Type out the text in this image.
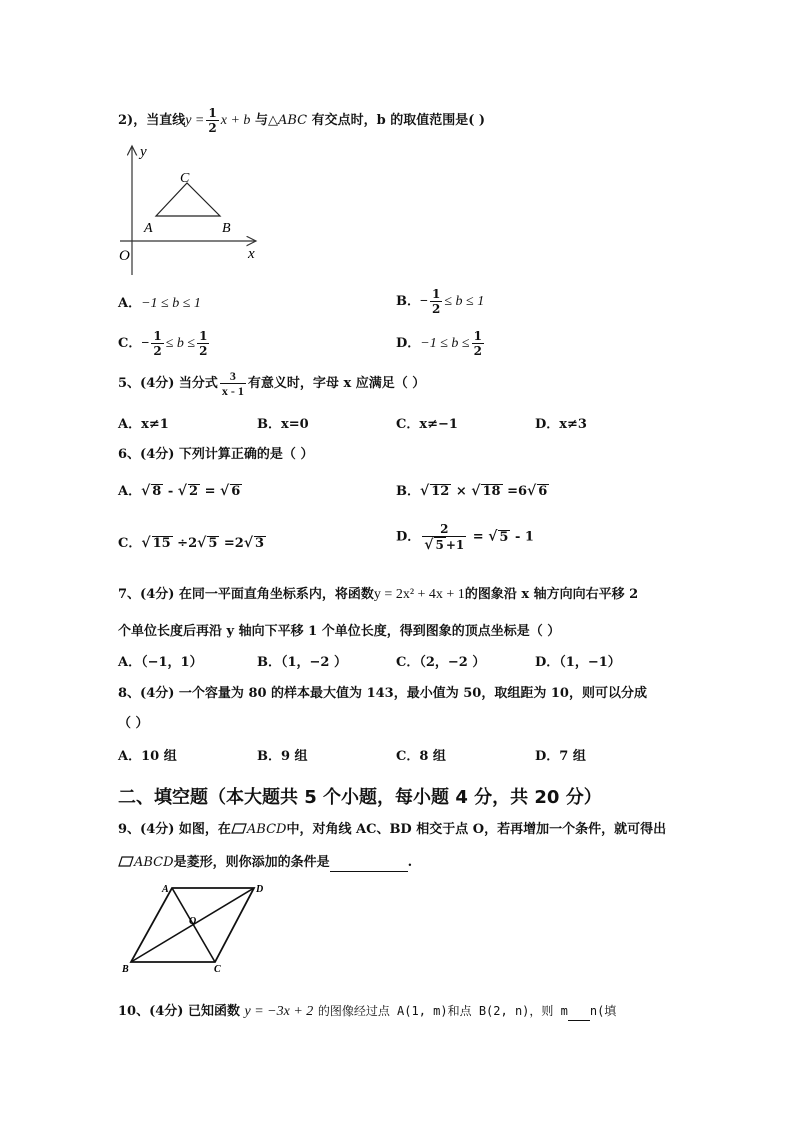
2)，当直线$y = \frac{1}{2}$ x + b 与△ABC 有交点时，b 的取值范围是( )
y
x
O
A	B
C
A．−1 ≤ b ≤ 1	B．− $\frac{1}{2} \le b \le 1$
C．− $\frac{1}{2} \le b \le \frac{1}{2}$	D．$-1 \le b \le \frac{1}{2}$
5、(4分) 当分式 $\frac{3}{x - 1}$ 有意义时，字母 x 应满足（ ）
A．x≠1	B．x=0	C．x≠−1	D．x≠3
6、(4分) 下列计算正确的是（ ）
A．√ 8 - √ 2 = √ 6	B．√ 12 × √ 18 =6√ 6
C．√ 15 ÷2√ 5 =2√ 3	D． $\frac{2}{√ 5 +1}$ = √ 5 - 1
7、(4分) 在同一平面直角坐标系内，将函数y = 2x² + 4x + 1的图象沿 x 轴方向向右平移 2
个单位长度后再沿 y 轴向下平移 1 个单位长度，得到图象的顶点坐标是（ ）
A．（−1，1）	B．（1，−2 ）	C．（2，−2 ）	D．（1，−1）
8、(4分) 一个容量为 80 的样本最大值为 143，最小值为 50，取组距为 10，则可以分成
（ ）
A．10 组	B．9 组	C．8 组	D．7 组
二、填空题（本大题共 5 个小题，每小题 4 分，共 20 分）
9、(4分) 如图，在 ABCD中，对角线 AC、BD 相交于点 O，若再增加一个条件，就可得出
ABCD是菱形，则你添加的条件是	.
A	D
B	C
O
10、(4分) 已知函数 y = −3x + 2 的图像经过点 A(1, m)和点 B(2, n)，则 m n(填
